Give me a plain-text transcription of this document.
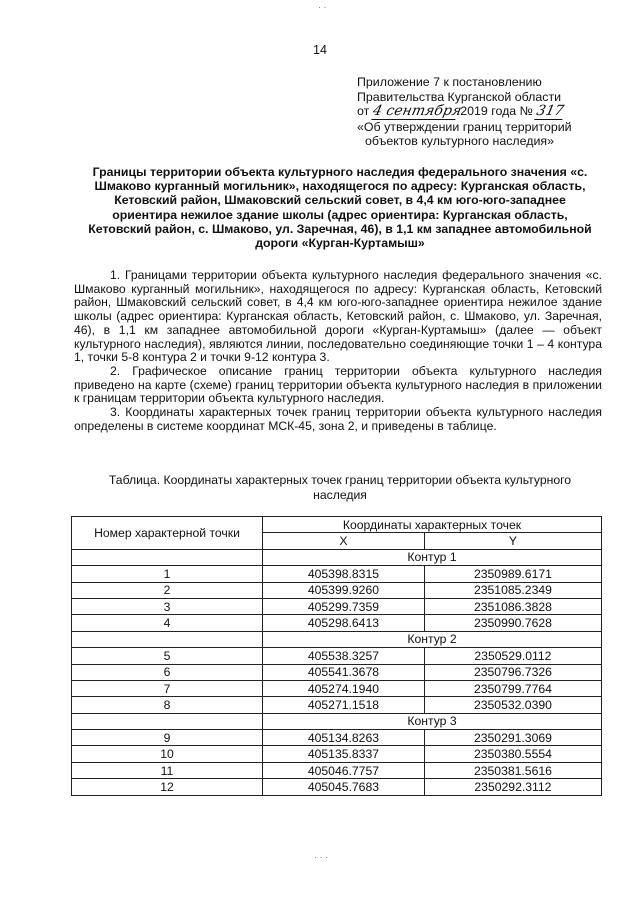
· ·
14
Приложение 7 к постановлению
Правительства Курганской области
от 4 сентября 2019 года № 317
«Об утверждении границ территорий
объектов культурного наследия»
Границы территории объекта культурного наследия федерального значения «с. Шмаково курганный могильник», находящегося по адресу: Курганская область, Кетовский район, Шмаковский сельский совет, в 4,4 км юго-юго-западнее ориентира нежилое здание школы (адрес ориентира: Курганская область, Кетовский район, с. Шмаково, ул. Заречная, 46), в 1,1 км западнее автомобильной дороги «Курган-Куртамыш»

1. Границами территории объекта культурного наследия федерального значения «с. Шмаково курганный могильник», находящегося по адресу: Курганская область, Кетовский район, Шмаковский сельский совет, в 4,4 км юго-юго-западнее ориентира нежилое здание школы (адрес ориентира: Курганская область, Кетовский район, с. Шмаково, ул. Заречная, 46), в 1,1 км западнее автомобильной дороги «Курган-Куртамыш» (далее — объект культурного наследия), являются линии, последовательно соединяющие точки 1 – 4 контура 1, точки 5-8 контура 2 и точки 9-12 контура 3.

2. Графическое описание границ территории объекта культурного наследия приведено на карте (схеме) границ территории объекта культурного наследия в приложении к границам территории объекта культурного наследия.

3. Координаты характерных точек границ территории объекта культурного наследия определены в системе координат МСК-45, зона 2, и приведены в таблице.

Таблица. Координаты характерных точек границ территории объекта культурного наследия
Номер характерной точки	Координаты характерных точек	
	X	Y
	Контур 1	
1	405398.8315	2350989.6171
2	405399.9260	2351085.2349
3	405299.7359	2351086.3828
4	405298.6413	2350990.7628
	Контур 2	
5	405538.3257	2350529.0112
6	405541.3678	2350796.7326
7	405274.1940	2350799.7764
8	405271.1518	2350532.0390
	Контур 3	
9	405134.8263	2350291.3069
10	405135.8337	2350380.5554
11	405046.7757	2350381.5616
12	405045.7683	2350292.3112
· · ·
